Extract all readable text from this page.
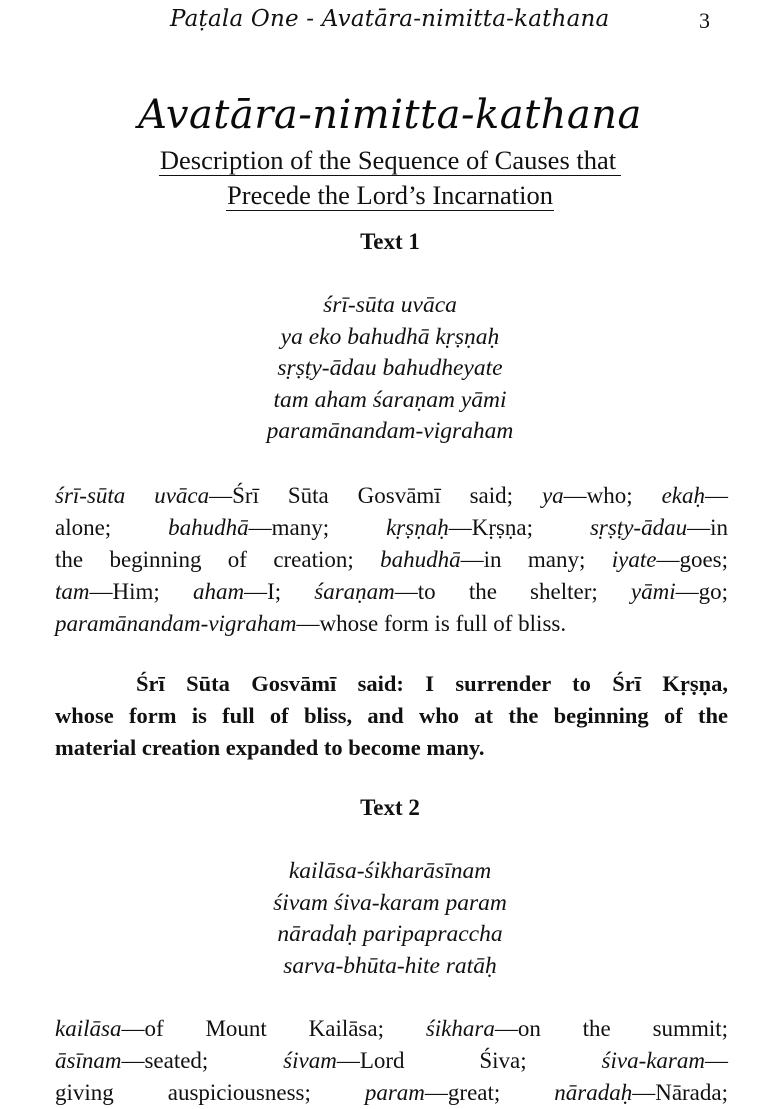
Paṭala One - Avatāra-nimitta-kathana	3
Avatāra-nimitta-kathana
Description of the Sequence of Causes that
Precede the Lord’s Incarnation
Text 1
śrī-sūta uvāca
ya eko bahudhā kṛṣṇaḥ
sṛṣṭy-ādau bahudheyate
tam aham śaraṇam yāmi
paramānandam-vigraham
śrī-sūta uvāca—Śrī Sūta Gosvāmī said; ya—who; ekaḥ—
alone; bahudhā—many; kṛṣṇaḥ—Kṛṣṇa; sṛṣṭy-ādau—in
the beginning of creation; bahudhā—in many; iyate—goes;
tam—Him; aham—I; śaraṇam—to the shelter; yāmi—go;
paramānandam-vigraham—whose form is full of bliss.
Śrī Sūta Gosvāmī said: I surrender to Śrī Kṛṣṇa,
whose form is full of bliss, and who at the beginning of the
material creation expanded to become many.
Text 2
kailāsa-śikharāsīnam
śivam śiva-karam param
nāradaḥ paripapraccha
sarva-bhūta-hite ratāḥ
kailāsa—of Mount Kailāsa; śikhara—on the summit;
āsīnam—seated; śivam—Lord Śiva; śiva-karam—
giving auspiciousness; param—great; nāradaḥ—Nārada;
